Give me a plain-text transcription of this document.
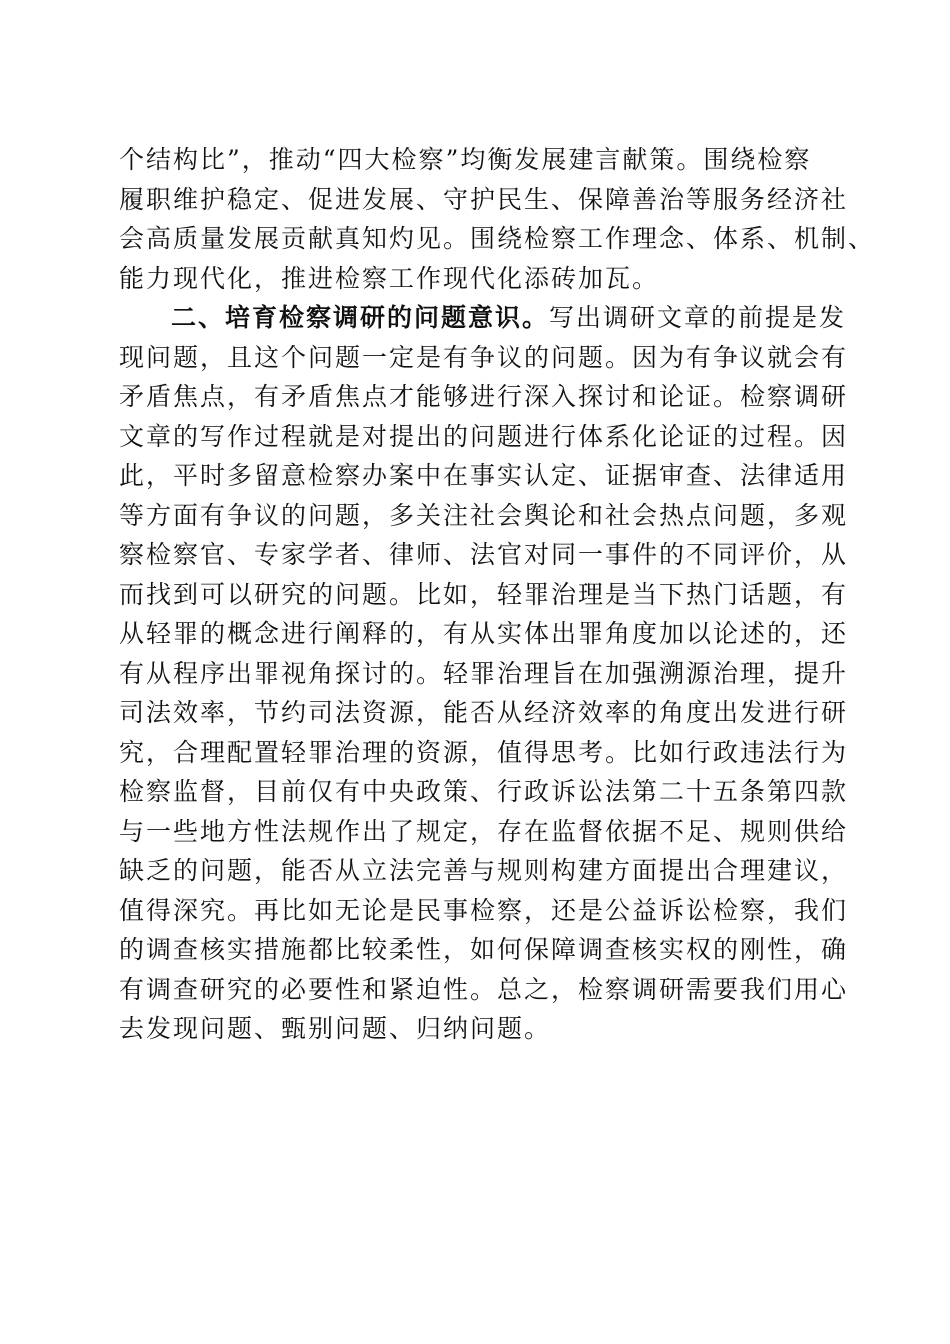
个结构比”，推动“四大检察”均衡发展建言献策。围绕检察
履职维护稳定、促进发展、守护民生、保障善治等服务经济社
会高质量发展贡献真知灼见。围绕检察工作理念、体系、机制、
能力现代化，推进检察工作现代化添砖加瓦。
二、培育检察调研的问题意识。写出调研文章的前提是发
现问题，且这个问题一定是有争议的问题。因为有争议就会有
矛盾焦点，有矛盾焦点才能够进行深入探讨和论证。检察调研
文章的写作过程就是对提出的问题进行体系化论证的过程。因
此，平时多留意检察办案中在事实认定、证据审查、法律适用
等方面有争议的问题，多关注社会舆论和社会热点问题，多观
察检察官、专家学者、律师、法官对同一事件的不同评价，从
而找到可以研究的问题。比如，轻罪治理是当下热门话题，有
从轻罪的概念进行阐释的，有从实体出罪角度加以论述的，还
有从程序出罪视角探讨的。轻罪治理旨在加强溯源治理，提升
司法效率，节约司法资源，能否从经济效率的角度出发进行研
究，合理配置轻罪治理的资源，值得思考。比如行政违法行为
检察监督，目前仅有中央政策、行政诉讼法第二十五条第四款
与一些地方性法规作出了规定，存在监督依据不足、规则供给
缺乏的问题，能否从立法完善与规则构建方面提出合理建议，
值得深究。再比如无论是民事检察，还是公益诉讼检察，我们
的调查核实措施都比较柔性，如何保障调查核实权的刚性，确
有调查研究的必要性和紧迫性。总之，检察调研需要我们用心
去发现问题、甄别问题、归纳问题。
